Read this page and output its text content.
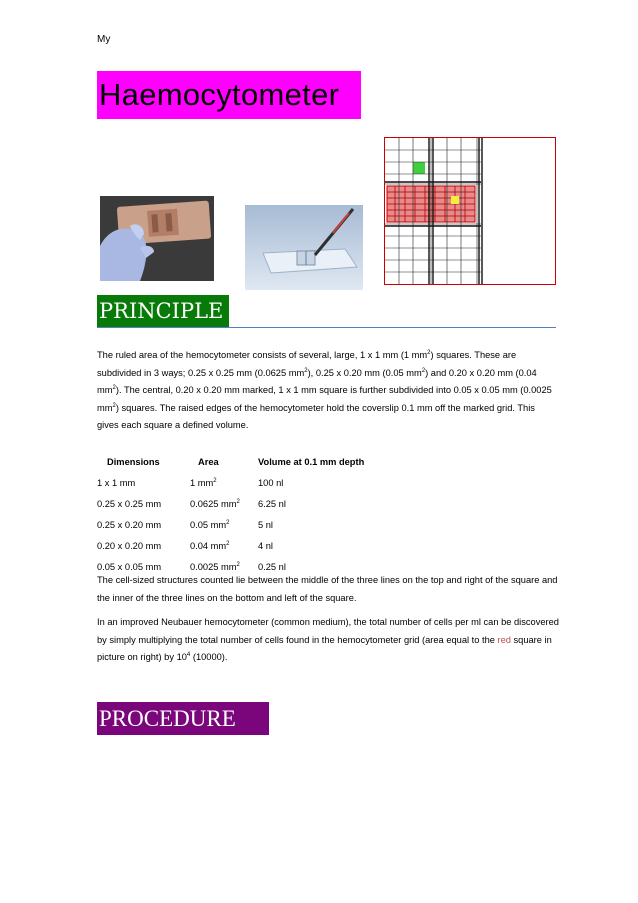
My
Haemocytometer
PRINCIPLE
The ruled area of the hemocytometer consists of several, large, 1 x 1 mm (1 $mm^2$) squares. These are subdivided in 3 ways; 0.25 x 0.25 mm (0.0625 $mm^2$), 0.25 x 0.20 mm (0.05 $mm^2$) and 0.20 x 0.20 mm (0.04 $mm^2$). The central, 0.20 x 0.20 mm marked, 1 x 1 mm square is further subdivided into 0.05 x 0.05 mm (0.0025 $mm^2$) squares. The raised edges of the hemocytometer hold the coverslip 0.1 mm off the marked grid. This gives each square a defined volume.
Dimensions	Area	Volume at 0.1 mm depth
1 x 1 mm	1 $mm^2$	100 nl
0.25 x 0.25 mm	0.0625 $mm^2$	6.25 nl
0.25 x 0.20 mm	0.05 $mm^2$	5 nl
0.20 x 0.20 mm	0.04 $mm^2$	4 nl
0.05 x 0.05 mm	0.0025 $mm^2$	0.25 nl
The cell-sized structures counted lie between the middle of the three lines on the top and right of the square and the inner of the three lines on the bottom and left of the square.
In an improved Neubauer hemocytometer (common medium), the total number of cells per ml can be discovered by simply multiplying the total number of cells found in the hemocytometer grid (area equal to the red square in picture on right) by $10^4$ (10000).
PROCEDURE
